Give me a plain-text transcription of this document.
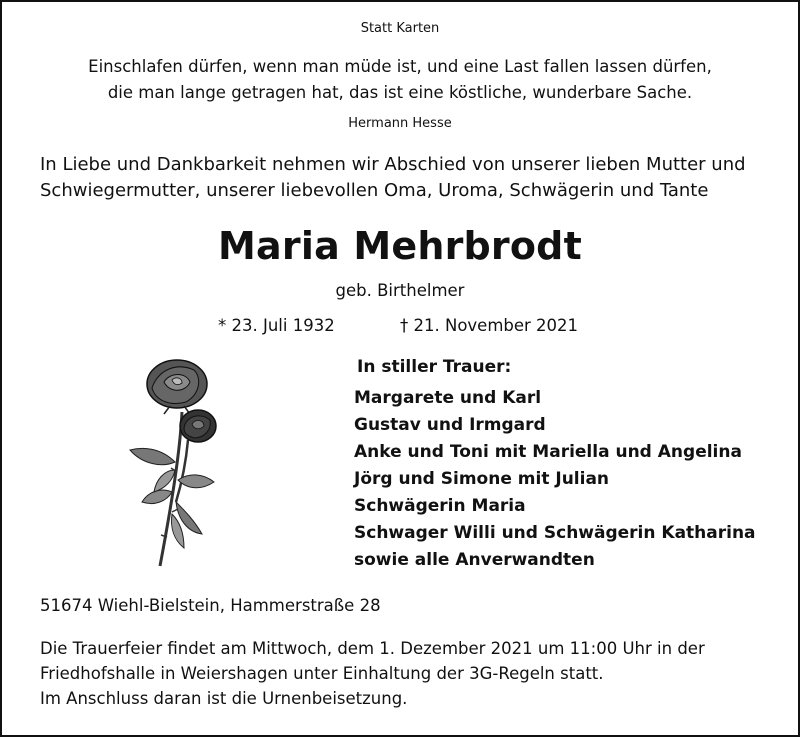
Statt Karten
Einschlafen dürfen, wenn man müde ist, und eine Last fallen lassen dürfen,
die man lange getragen hat, das ist eine köstliche, wunderbare Sache.
Hermann Hesse
In Liebe und Dankbarkeit nehmen wir Abschied von unserer lieben Mutter und Schwiegermutter, unserer liebevollen Oma, Uroma, Schwägerin und Tante
Maria Mehrbrodt
geb. Birthelmer
* 23. Juli 1932	† 21. November 2021
In stiller Trauer:
Margarete und Karl
Gustav und Irmgard
Anke und Toni mit Mariella und Angelina
Jörg und Simone mit Julian
Schwägerin Maria
Schwager Willi und Schwägerin Katharina
sowie alle Anverwandten
51674 Wiehl-Bielstein, Hammerstraße 28
Die Trauerfeier findet am Mittwoch, dem 1. Dezember 2021 um 11:00 Uhr in der
Friedhofshalle in Weiershagen unter Einhaltung der 3G-Regeln statt.
Im Anschluss daran ist die Urnenbeisetzung.
